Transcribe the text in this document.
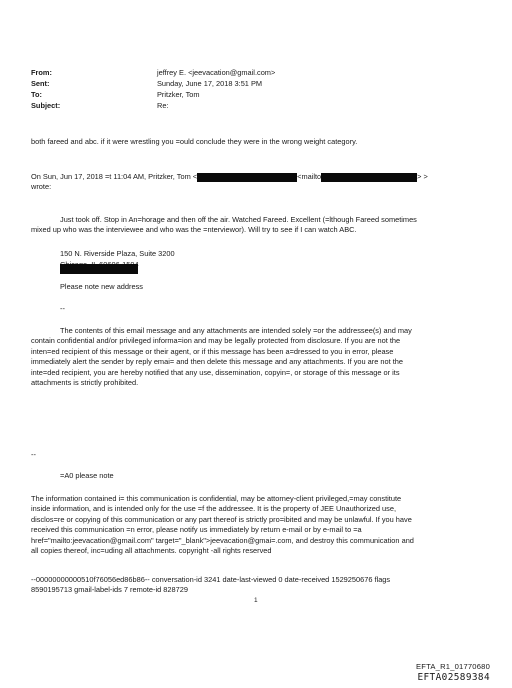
From:	jeffrey E. <jeevacation@gmail.com>
Sent:	Sunday, June 17, 2018 3:51 PM
To:	Pritzker, Tom
Subject:	Re:
both fareed and abc. if it were wrestling you =ould conclude they were in the wrong weight category.
On Sun, Jun 17, 2018 =t 11:04 AM, Pritzker, Tom <	<mailto	> >
wrote:
Just took off. Stop in An=horage and then off the air. Watched Fareed. Excellent (=lthough Fareed sometimes
mixed up who was the interviewee and who was the =nterviewor). Will try to see if I can watch ABC.
150 N. Riverside Plaza, Suite 3200
Please note new address
--
The contents of this email message and any attachments are intended solely =or the addressee(s) and may
contain confidential and/or privileged informa=ion and may be legally protected from disclosure. If you are not the
inten=ed recipient of this message or their agent, or if this message has been a=dressed to you in error, please
immediately alert the sender by reply emai= and then delete this message and any attachments. If you are not the
inte=ded recipient, you are hereby notified that any use, dissemination, copyin=, or storage of this message or its
attachments is strictly prohibited.
--
=A0 please note
The information contained i= this communication is confidential, may be attorney-client privileged,=may constitute
inside information, and is intended only for the use =f the addressee. It is the property of JEE Unauthorized use,
disclos=re or copying of this communication or any part thereof is strictly pro=ibited and may be unlawful. If you have
received this communication =n error, please notify us immediately by return e-mail or by e-mail to =a
href="mailto:jeevacation@gmail.com" target="_blank">jeevacation@gmai=.com, and destroy this communication and
all copies thereof, inc=uding all attachments. copyright -all rights reserved
--00000000000510f76056ed86b86-- conversation-id 3241 date-last-viewed 0 date-received 1529250676 flags
8590195713 gmail-label-ids 7 remote-id 828729
1
EFTA_R1_01770680
EFTA02589384
